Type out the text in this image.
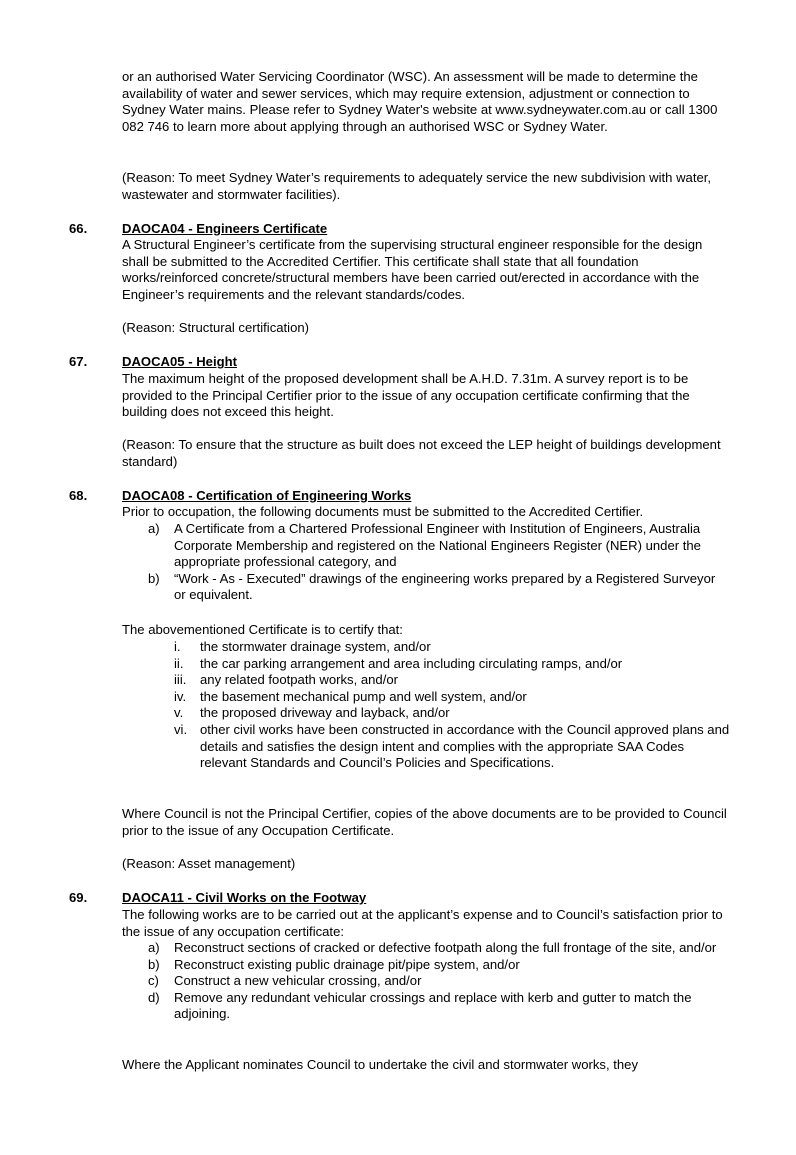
or an authorised Water Servicing Coordinator (WSC). An assessment will be made to determine the availability of water and sewer services, which may require extension, adjustment or connection to Sydney Water mains. Please refer to Sydney Water's website at www.sydneywater.com.au or call 1300 082 746 to learn more about applying through an authorised WSC or Sydney Water.

(Reason: To meet Sydney Water’s requirements to adequately service the new subdivision with water, wastewater and stormwater facilities).

66.	DAOCA04 - Engineers Certificate

A Structural Engineer’s certificate from the supervising structural engineer responsible for the design shall be submitted to the Accredited Certifier. This certificate shall state that all foundation works/reinforced concrete/structural members have been carried out/erected in accordance with the Engineer’s requirements and the relevant standards/codes.

(Reason: Structural certification)

67.	DAOCA05 - Height

The maximum height of the proposed development shall be A.H.D. 7.31m. A survey report is to be provided to the Principal Certifier prior to the issue of any occupation certificate confirming that the building does not exceed this height.

(Reason: To ensure that the structure as built does not exceed the LEP height of buildings development standard)

68.	DAOCA08 - Certification of Engineering Works

Prior to occupation, the following documents must be submitted to the Accredited Certifier.

a) A Certificate from a Chartered Professional Engineer with Institution of Engineers, Australia Corporate Membership and registered on the National Engineers Register (NER) under the appropriate professional category, and
b) “Work - As - Executed” drawings of the engineering works prepared by a Registered Surveyor or equivalent.

The abovementioned Certificate is to certify that:

i. the stormwater drainage system, and/or
ii. the car parking arrangement and area including circulating ramps, and/or
iii. any related footpath works, and/or
iv. the basement mechanical pump and well system, and/or
v. the proposed driveway and layback, and/or
vi. other civil works have been constructed in accordance with the Council approved plans and details and satisfies the design intent and complies with the appropriate SAA Codes relevant Standards and Council’s Policies and Specifications.

Where Council is not the Principal Certifier, copies of the above documents are to be provided to Council prior to the issue of any Occupation Certificate.

(Reason: Asset management)

69.	DAOCA11 - Civil Works on the Footway

The following works are to be carried out at the applicant’s expense and to Council’s satisfaction prior to the issue of any occupation certificate:

a) Reconstruct sections of cracked or defective footpath along the full frontage of the site, and/or
b) Reconstruct existing public drainage pit/pipe system, and/or
c) Construct a new vehicular crossing, and/or
d) Remove any redundant vehicular crossings and replace with kerb and gutter to match the adjoining.

Where the Applicant nominates Council to undertake the civil and stormwater works, they
